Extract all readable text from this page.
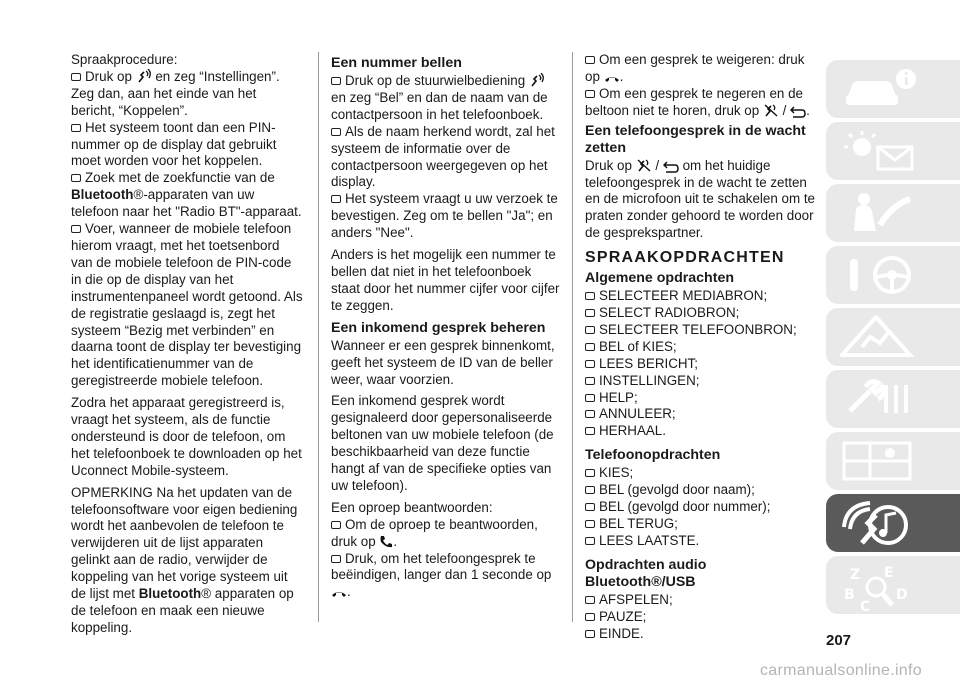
Spraakprocedure:

Druk op en zeg “Instellingen”.

Zeg dan, aan het einde van het bericht, “Koppelen”.

Het systeem toont dan een PIN-nummer op de display dat gebruikt moet worden voor het koppelen.

Zoek met de zoekfunctie van de Bluetooth®-apparaten van uw telefoon naar het "Radio BT"-apparaat.

Voer, wanneer de mobiele telefoon hierom vraagt, met het toetsenbord van de mobiele telefoon de PIN-code in die op de display van het instrumentenpaneel wordt getoond. Als de registratie geslaagd is, zegt het systeem “Bezig met verbinden” en daarna toont de display ter bevestiging het identificatienummer van de geregistreerde mobiele telefoon.

Zodra het apparaat geregistreerd is, vraagt het systeem, als de functie ondersteund is door de telefoon, om het telefoonboek te downloaden op het Uconnect Mobile-systeem.

OPMERKING Na het updaten van de telefoonsoftware voor eigen bediening wordt het aanbevolen de telefoon te verwijderen uit de lijst apparaten gelinkt aan de radio, verwijder de koppeling van het vorige systeem uit de lijst met Bluetooth® apparaten op de telefoon en maak een nieuwe koppeling.

Een nummer bellen

Druk op de stuurwielbediening  en zeg “Bel” en dan de naam van de contactpersoon in het telefoonboek.

Als de naam herkend wordt, zal het systeem de informatie over de contactpersoon weergegeven op het display.

Het systeem vraagt u uw verzoek te bevestigen. Zeg om te bellen "Ja"; en anders "Nee".

Anders is het mogelijk een nummer te bellen dat niet in het telefoonboek staat door het nummer cijfer voor cijfer te zeggen.

Een inkomend gesprek beheren

Wanneer er een gesprek binnenkomt, geeft het systeem de ID van de beller weer, waar voorzien.

Een inkomend gesprek wordt gesignaleerd door gepersonaliseerde beltonen van uw mobiele telefoon (de beschikbaarheid van deze functie hangt af van de specifieke opties van uw telefoon).

Een oproep beantwoorden:

Om de oproep te beantwoorden, druk op .

Druk, om het telefoongesprek te beëindigen, langer dan 1 seconde op
.

Om een gesprek te weigeren: druk op .

Om een gesprek te negeren en de beltoon niet te horen, druk op / .

Een telefoongesprek in de wacht zetten

Druk op / om het huidige telefoongesprek in de wacht te zetten en de microfoon uit te schakelen om te praten zonder gehoord te worden door de gesprekspartner.

SPRAAKOPDRACHTEN
Algemene opdrachten

SELECTEER MEDIABRON;

SELECT RADIOBRON;

SELECTEER TELEFOONBRON;

BEL of KIES;

LEES BERICHT;

INSTELLINGEN;

HELP;

ANNULEER;

HERHAAL.

Telefoonopdrachten

KIES;

BEL (gevolgd door naam);

BEL (gevolgd door nummer);

BEL TERUG;

LEES LAATSTE.

Opdrachten audio Bluetooth®/USB

AFSPELEN;

PAUZE;

EINDE.

Z E
B	D
C
207
carmanualsonline.info
